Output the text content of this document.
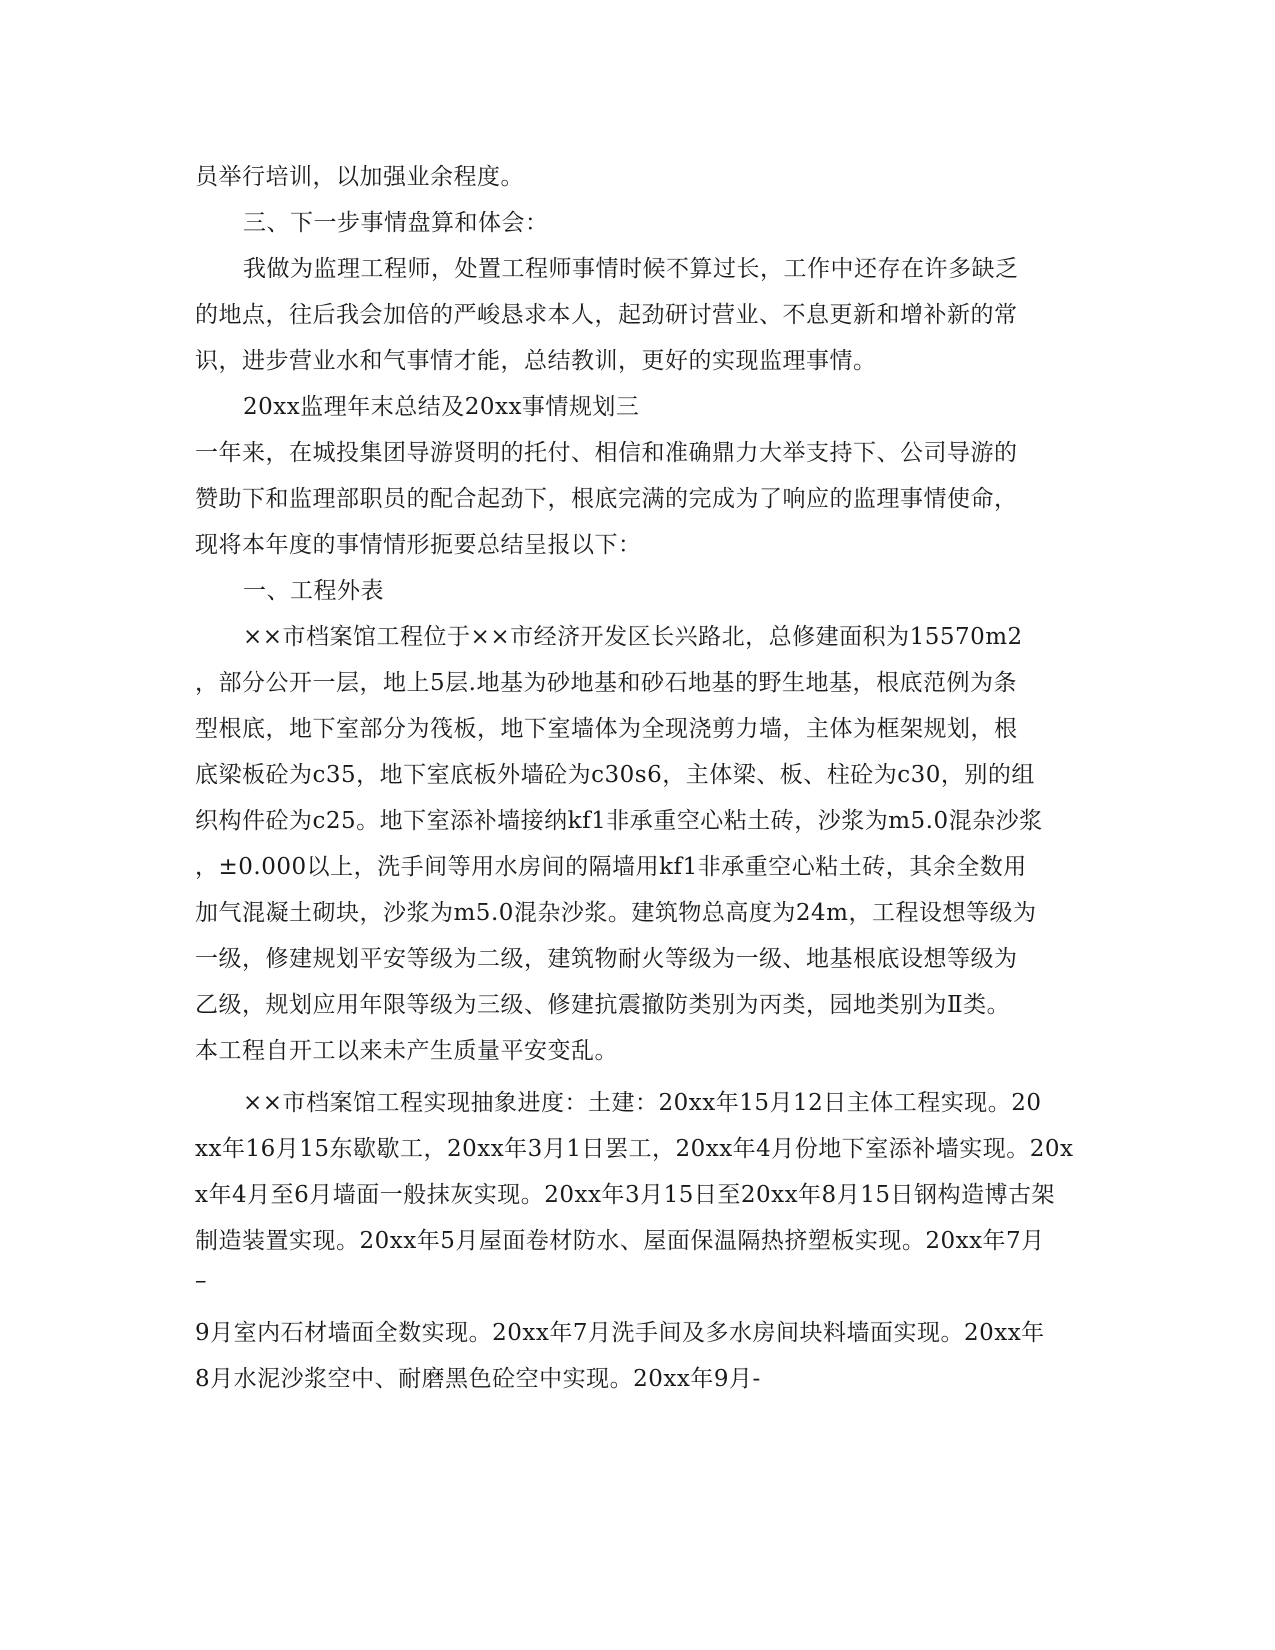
员举行培训，以加强业余程度。
三、下一步事情盘算和体会：
我做为监理工程师，处置工程师事情时候不算过长，工作中还存在许多缺乏
的地点，往后我会加倍的严峻恳求本人，起劲研讨营业、不息更新和增补新的常
识，进步营业水和气事情才能，总结教训，更好的实现监理事情。
20xx监理年末总结及20xx事情规划三
一年来，在城投集团导游贤明的托付、相信和准确鼎力大举支持下、公司导游的
赞助下和监理部职员的配合起劲下，根底完满的完成为了响应的监理事情使命，
现将本年度的事情情形扼要总结呈报以下：
一、工程外表
××市档案馆工程位于××市经济开发区长兴路北，总修建面积为15570m2
，部分公开一层，地上5层.地基为砂地基和砂石地基的野生地基，根底范例为条
型根底，地下室部分为筏板，地下室墙体为全现浇剪力墙，主体为框架规划，根
底梁板砼为c35，地下室底板外墙砼为c30s6，主体梁、板、柱砼为c30，别的组
织构件砼为c25。地下室添补墙接纳kf1非承重空心粘土砖，沙浆为m5.0混杂沙浆
，±0.000以上，洗手间等用水房间的隔墙用kf1非承重空心粘土砖，其余全数用
加气混凝土砌块，沙浆为m5.0混杂沙浆。建筑物总高度为24m，工程设想等级为
一级，修建规划平安等级为二级，建筑物耐火等级为一级、地基根底设想等级为
乙级，规划应用年限等级为三级、修建抗震撤防类别为丙类，园地类别为Ⅱ类。
本工程自开工以来未产生质量平安变乱。
××市档案馆工程实现抽象进度：土建：20xx年15月12日主体工程实现。20
xx年16月15东歇歇工，20xx年3月1日罢工，20xx年4月份地下室添补墙实现。20x
x年4月至6月墙面一般抹灰实现。20xx年3月15日至20xx年8月15日钢构造博古架
制造装置实现。20xx年5月屋面卷材防水、屋面保温隔热挤塑板实现。20xx年7月
–
9月室内石材墙面全数实现。20xx年7月洗手间及多水房间块料墙面实现。20xx年
8月水泥沙浆空中、耐磨黑色砼空中实现。20xx年9月-
